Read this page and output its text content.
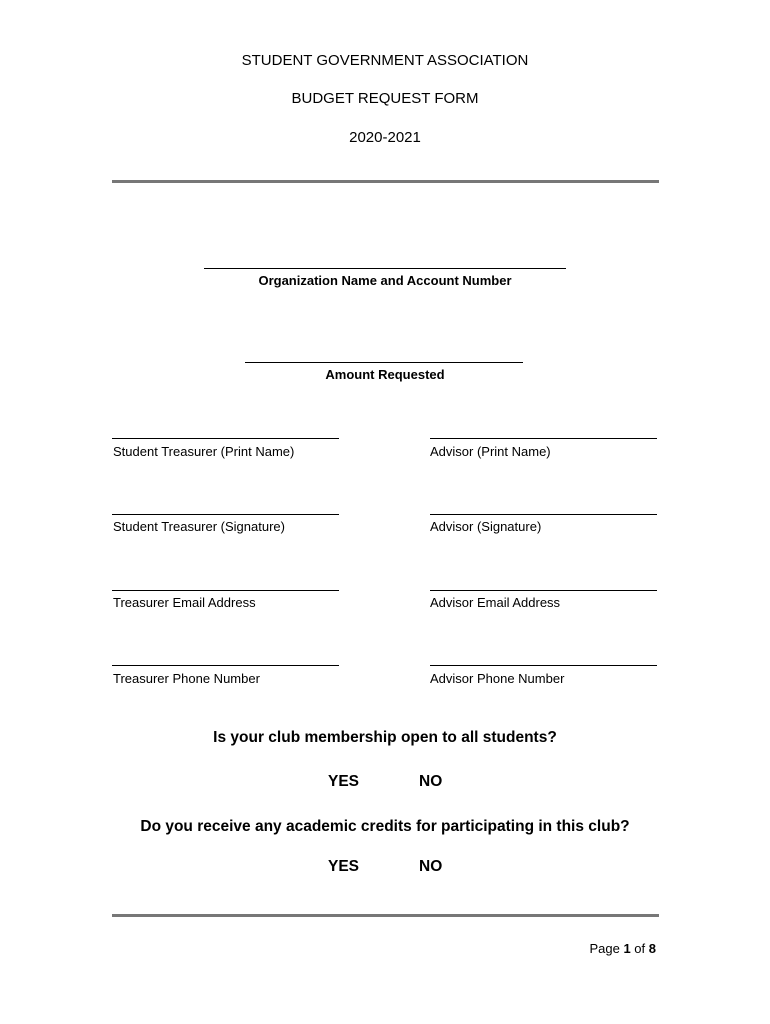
STUDENT GOVERNMENT ASSOCIATION
BUDGET REQUEST FORM
2020-2021
Organization Name and Account Number
Amount Requested
Student Treasurer (Print Name)	Advisor (Print Name)
Student Treasurer (Signature)	Advisor (Signature)
Treasurer Email Address	Advisor Email Address
Treasurer Phone Number	Advisor Phone Number
Is your club membership open to all students?
YES	NO
Do you receive any academic credits for participating in this club?
YES	NO
Page 1 of 8
